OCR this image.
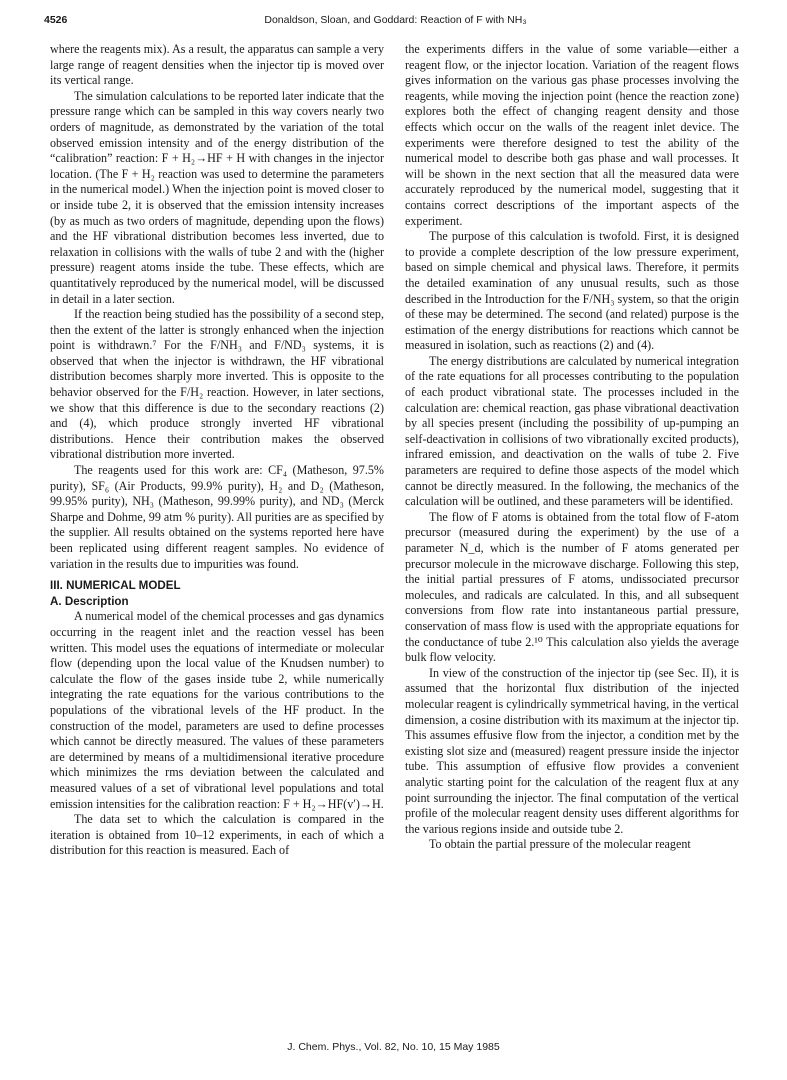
4526	Donaldson, Sloan, and Goddard: Reaction of F with NH₃

where the reagents mix). As a result, the apparatus can sample a very large range of reagent densities when the injector tip is moved over its vertical range.

The simulation calculations to be reported later indicate that the pressure range which can be sampled in this way covers nearly two orders of magnitude, as demonstrated by the variation of the total observed emission intensity and of the energy distribution of the “calibration” reaction: F + H₂→HF + H with changes in the injector location. (The F + H₂ reaction was used to determine the parameters in the numerical model.) When the injection point is moved closer to or inside tube 2, it is observed that the emission intensity increases (by as much as two orders of magnitude, depending upon the flows) and the HF vibrational distribution becomes less inverted, due to relaxation in collisions with the walls of tube 2 and with the (higher pressure) reagent atoms inside the tube. These effects, which are quantitatively reproduced by the numerical model, will be discussed in detail in a later section.

If the reaction being studied has the possibility of a second step, then the extent of the latter is strongly enhanced when the injection point is withdrawn.⁷ For the F/NH₃ and F/ND₃ systems, it is observed that when the injector is withdrawn, the HF vibrational distribution becomes sharply more inverted. This is opposite to the behavior observed for the F/H₂ reaction. However, in later sections, we show that this difference is due to the secondary reactions (2) and (4), which produce strongly inverted HF vibrational distributions. Hence their contribution makes the observed vibrational distribution more inverted.

The reagents used for this work are: CF₄ (Matheson, 97.5% purity), SF₆ (Air Products, 99.9% purity), H₂ and D₂ (Matheson, 99.95% purity), NH₃ (Matheson, 99.99% purity), and ND₃ (Merck Sharpe and Dohme, 99 atm % purity). All purities are as specified by the supplier. All results obtained on the systems reported here have been replicated using different reagent samples. No evidence of variation in the results due to impurities was found.

III. NUMERICAL MODEL
A. Description

A numerical model of the chemical processes and gas dynamics occurring in the reagent inlet and the reaction vessel has been written. This model uses the equations of intermediate or molecular flow (depending upon the local value of the Knudsen number) to calculate the flow of the gases inside tube 2, while numerically integrating the rate equations for the various contributions to the populations of the vibrational levels of the HF product. In the construction of the model, parameters are used to define processes which cannot be directly measured. The values of these parameters are determined by means of a multidimensional iterative procedure which minimizes the rms deviation between the calculated and measured values of a set of vibrational level populations and total emission intensities for the calibration reaction: F + H₂→HF(v′)→H.

The data set to which the calculation is compared in the iteration is obtained from 10–12 experiments, in each of which a distribution for this reaction is measured. Each of

the experiments differs in the value of some variable—either a reagent flow, or the injector location. Variation of the reagent flows gives information on the various gas phase processes involving the reagents, while moving the injection point (hence the reaction zone) explores both the effect of changing reagent density and those effects which occur on the walls of the reagent inlet device. The experiments were therefore designed to test the ability of the numerical model to describe both gas phase and wall processes. It will be shown in the next section that all the measured data were accurately reproduced by the numerical model, suggesting that it contains correct descriptions of the important aspects of the experiment.

The purpose of this calculation is twofold. First, it is designed to provide a complete description of the low pressure experiment, based on simple chemical and physical laws. Therefore, it permits the detailed examination of any unusual results, such as those described in the Introduction for the F/NH₃ system, so that the origin of these may be determined. The second (and related) purpose is the estimation of the energy distributions for reactions which cannot be measured in isolation, such as reactions (2) and (4).

The energy distributions are calculated by numerical integration of the rate equations for all processes contributing to the population of each product vibrational state. The processes included in the calculation are: chemical reaction, gas phase vibrational deactivation by all species present (including the possibility of up-pumping an self-deactivation in collisions of two vibrationally excited products), infrared emission, and deactivation on the walls of tube 2. Five parameters are required to define those aspects of the model which cannot be directly measured. In the following, the mechanics of the calculation will be outlined, and these parameters will be identified.

The flow of F atoms is obtained from the total flow of F-atom precursor (measured during the experiment) by the use of a parameter N_d, which is the number of F atoms generated per precursor molecule in the microwave discharge. Following this step, the initial partial pressures of F atoms, undissociated precursor molecules, and radicals are calculated. In this, and all subsequent conversions from flow rate into instantaneous partial pressure, conservation of mass flow is used with the appropriate equations for the conductance of tube 2.¹⁰ This calculation also yields the average bulk flow velocity.

In view of the construction of the injector tip (see Sec. II), it is assumed that the horizontal flux distribution of the injected molecular reagent is cylindrically symmetrical having, in the vertical dimension, a cosine distribution with its maximum at the injector tip. This assumes effusive flow from the injector, a condition met by the existing slot size and (measured) reagent pressure inside the injector tube. This assumption of effusive flow provides a convenient analytic starting point for the calculation of the reagent flux at any point surrounding the injector. The final computation of the vertical profile of the molecular reagent density uses different algorithms for the various regions inside and outside tube 2.

To obtain the partial pressure of the molecular reagent

J. Chem. Phys., Vol. 82, No. 10, 15 May 1985
